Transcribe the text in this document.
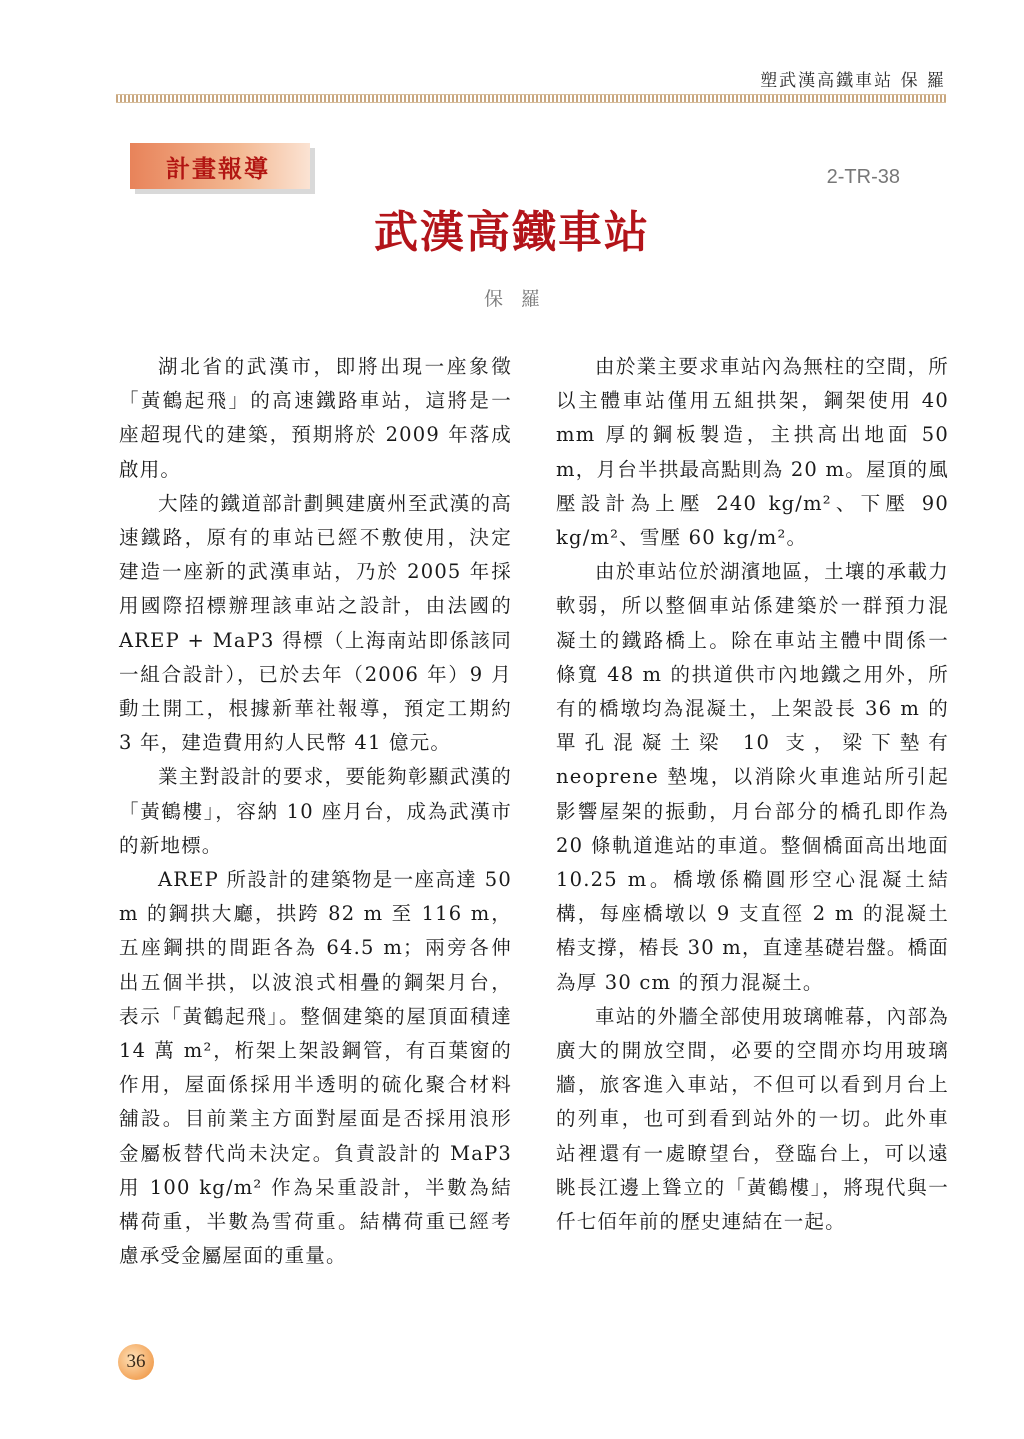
塑武漢高鐵車站 保 羅
計畫報導	2-TR-38
武漢高鐵車站
保羅

湖北省的武漢市，即將出現一座象徵「黃鶴起飛」的高速鐵路車站，這將是一座超現代的建築，預期將於 2009 年落成啟用。

大陸的鐵道部計劃興建廣州至武漢的高速鐵路，原有的車站已經不敷使用，決定建造一座新的武漢車站，乃於 2005 年採用國際招標辦理該車站之設計，由法國的 AREP + MaP3 得標（上海南站即係該同一組合設計），已於去年（2006 年）9 月動土開工，根據新華社報導，預定工期約 3 年，建造費用約人民幣 41 億元。

業主對設計的要求，要能夠彰顯武漢的「黃鶴樓」，容納 10 座月台，成為武漢市的新地標。

AREP 所設計的建築物是一座高達 50 m 的鋼拱大廳，拱跨 82 m 至 116 m，五座鋼拱的間距各為 64.5 m；兩旁各伸出五個半拱，以波浪式相疊的鋼架月台，表示「黃鶴起飛」。整個建築的屋頂面積達 14 萬 m²，桁架上架設鋼管，有百葉窗的作用，屋面係採用半透明的硫化聚合材料舖設。目前業主方面對屋面是否採用浪形金屬板替代尚未決定。負責設計的 MaP3 用 100 kg/m² 作為呆重設計，半數為結構荷重，半數為雪荷重。結構荷重已經考慮承受金屬屋面的重量。

由於業主要求車站內為無柱的空間，所以主體車站僅用五組拱架，鋼架使用 40 mm 厚的鋼板製造，主拱高出地面 50 m，月台半拱最高點則為 20 m。屋頂的風壓設計為上壓 240 kg/m²、下壓 90 kg/m²、雪壓 60 kg/m²。

由於車站位於湖濱地區，土壤的承載力軟弱，所以整個車站係建築於一群預力混凝土的鐵路橋上。除在車站主體中間係一條寬 48 m 的拱道供市內地鐵之用外，所有的橋墩均為混凝土，上架設長 36 m 的單孔混凝土梁 10 支，梁下墊有 neoprene 墊塊，以消除火車進站所引起影響屋架的振動，月台部分的橋孔即作為 20 條軌道進站的車道。整個橋面高出地面 10.25 m。橋墩係橢圓形空心混凝土結構，每座橋墩以 9 支直徑 2 m 的混凝土樁支撐，樁長 30 m，直達基礎岩盤。橋面為厚 30 cm 的預力混凝土。

車站的外牆全部使用玻璃帷幕，內部為廣大的開放空間，必要的空間亦均用玻璃牆，旅客進入車站，不但可以看到月台上的列車，也可到看到站外的一切。此外車站裡還有一處瞭望台，登臨台上，可以遠眺長江邊上聳立的「黃鶴樓」，將現代與一仟七佰年前的歷史連結在一起。

36
